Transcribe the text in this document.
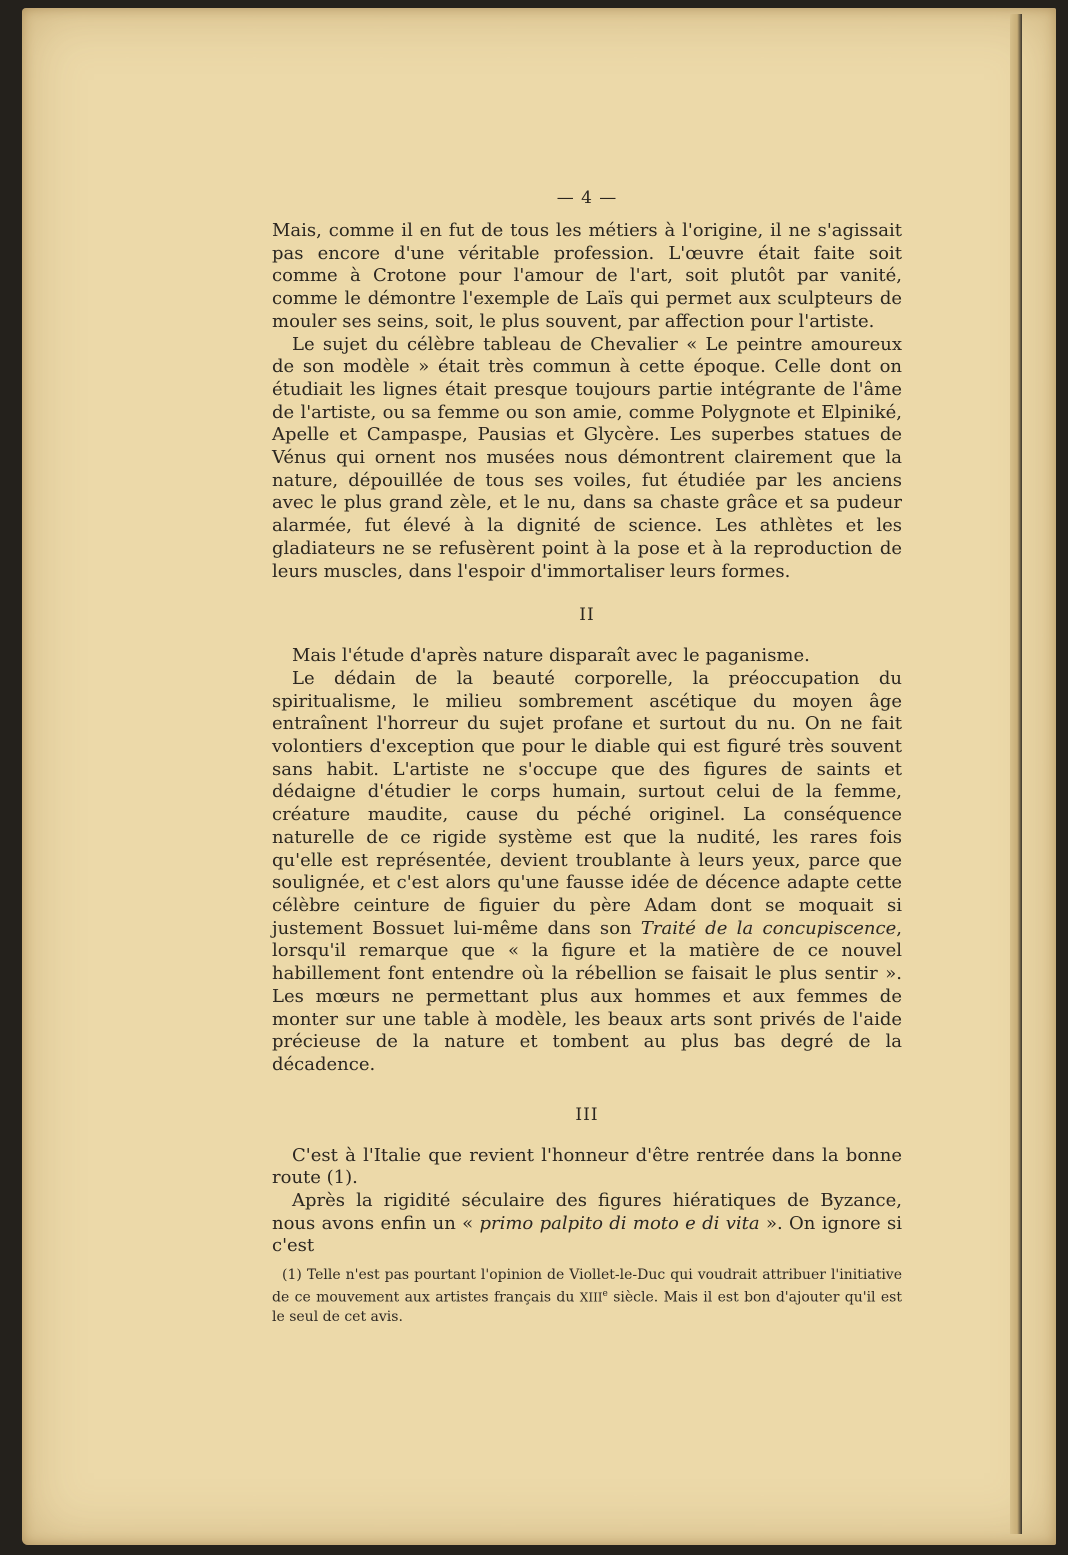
— 4 —

Mais, comme il en fut de tous les métiers à l'origine, il ne s'agissait pas encore d'une véritable profession. L'œuvre était faite soit comme à Crotone pour l'amour de l'art, soit plutôt par vanité, comme le démontre l'exemple de Laïs qui permet aux sculpteurs de mouler ses seins, soit, le plus souvent, par affection pour l'artiste.

Le sujet du célèbre tableau de Chevalier « Le peintre amoureux de son modèle » était très commun à cette époque. Celle dont on étudiait les lignes était presque toujours partie intégrante de l'âme de l'artiste, ou sa femme ou son amie, comme Polygnote et Elpiniké, Apelle et Campaspe, Pausias et Glycère. Les superbes statues de Vénus qui ornent nos musées nous démontrent clairement que la nature, dépouillée de tous ses voiles, fut étudiée par les anciens avec le plus grand zèle, et le nu, dans sa chaste grâce et sa pudeur alarmée, fut élevé à la dignité de science. Les athlètes et les gladiateurs ne se refusèrent point à la pose et à la reproduction de leurs muscles, dans l'espoir d'immortaliser leurs formes.

II

Mais l'étude d'après nature disparaît avec le paganisme.

Le dédain de la beauté corporelle, la préoccupation du spiritualisme, le milieu sombrement ascétique du moyen âge entraînent l'horreur du sujet profane et surtout du nu. On ne fait volontiers d'exception que pour le diable qui est figuré très souvent sans habit. L'artiste ne s'occupe que des figures de saints et dédaigne d'étudier le corps humain, surtout celui de la femme, créature maudite, cause du péché originel. La conséquence naturelle de ce rigide système est que la nudité, les rares fois qu'elle est représentée, devient troublante à leurs yeux, parce que soulignée, et c'est alors qu'une fausse idée de décence adapte cette célèbre ceinture de figuier du père Adam dont se moquait si justement Bossuet lui-même dans son Traité de la concupiscence, lorsqu'il remarque que « la figure et la matière de ce nouvel habillement font entendre où la rébellion se faisait le plus sentir ». Les mœurs ne permettant plus aux hommes et aux femmes de monter sur une table à modèle, les beaux arts sont privés de l'aide précieuse de la nature et tombent au plus bas degré de la décadence.

III

C'est à l'Italie que revient l'honneur d'être rentrée dans la bonne route (1).

Après la rigidité séculaire des figures hiératiques de Byzance, nous avons enfin un « primo palpito di moto e di vita ». On ignore si c'est

(1) Telle n'est pas pourtant l'opinion de Viollet-le-Duc qui voudrait attribuer l'initiative de ce mouvement aux artistes français du XIIIe siècle. Mais il est bon d'ajouter qu'il est le seul de cet avis.
